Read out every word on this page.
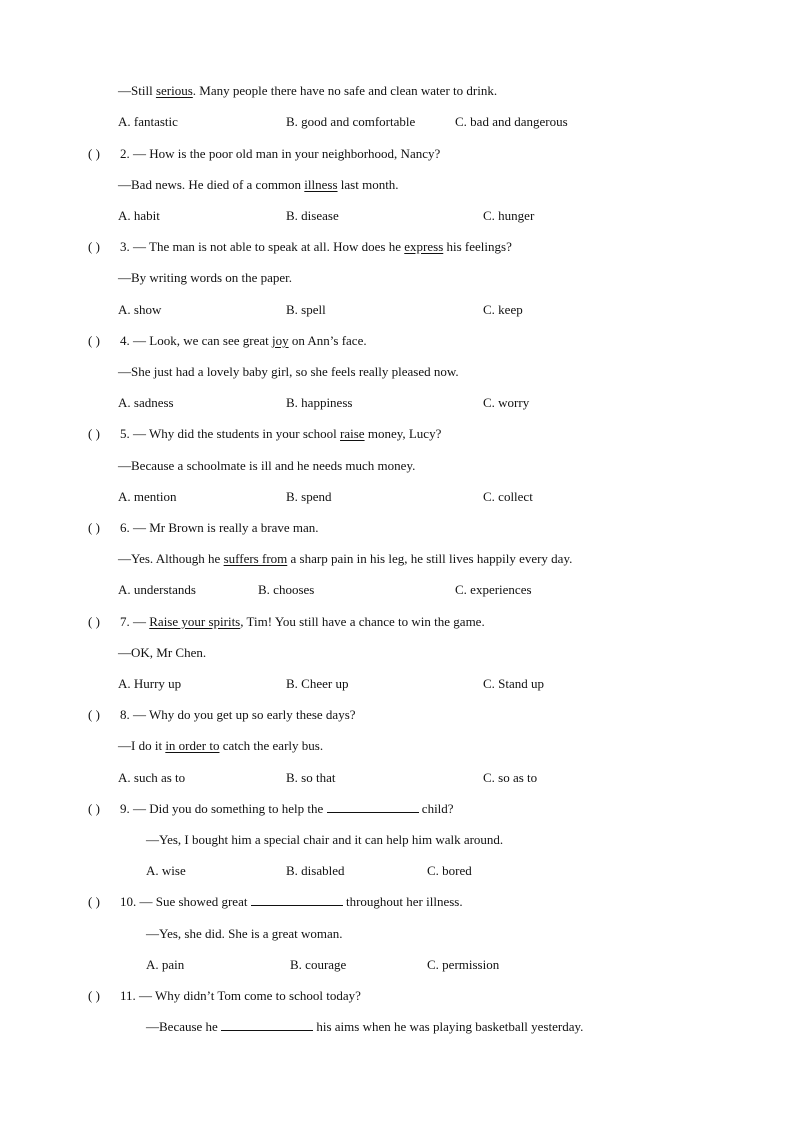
—Still serious. Many people there have no safe and clean water to drink.
A. fantastic	B. good and comfortable	C. bad and dangerous
( ) 2. — How is the poor old man in your neighborhood, Nancy?
—Bad news. He died of a common illness last month.
A. habit	B. disease	C. hunger
( ) 3. — The man is not able to speak at all. How does he express his feelings?
—By writing words on the paper.
A. show	B. spell	C. keep
( ) 4. — Look, we can see great joy on Ann’s face.
—She just had a lovely baby girl, so she feels really pleased now.
A. sadness	B. happiness	C. worry
( ) 5. — Why did the students in your school raise money, Lucy?
—Because a schoolmate is ill and he needs much money.
A. mention	B. spend	C. collect
( ) 6. — Mr Brown is really a brave man.
—Yes. Although he suffers from a sharp pain in his leg, he still lives happily every day.
A. understands	B. chooses	C. experiences
( ) 7. — Raise your spirits, Tim! You still have a chance to win the game.
—OK, Mr Chen.
A. Hurry up	B. Cheer up	C. Stand up
( ) 8. — Why do you get up so early these days?
—I do it in order to catch the early bus.
A. such as to	B. so that	C. so as to
( ) 9. — Did you do something to help the	child?
—Yes, I bought him a special chair and it can help him walk around.
A. wise	B. disabled	C. bored
( ) 10. — Sue showed great	throughout her illness.
—Yes, she did. She is a great woman.
A. pain	B. courage	C. permission
( ) 11. — Why didn’t Tom come to school today?
—Because he	his aims when he was playing basketball yesterday.
